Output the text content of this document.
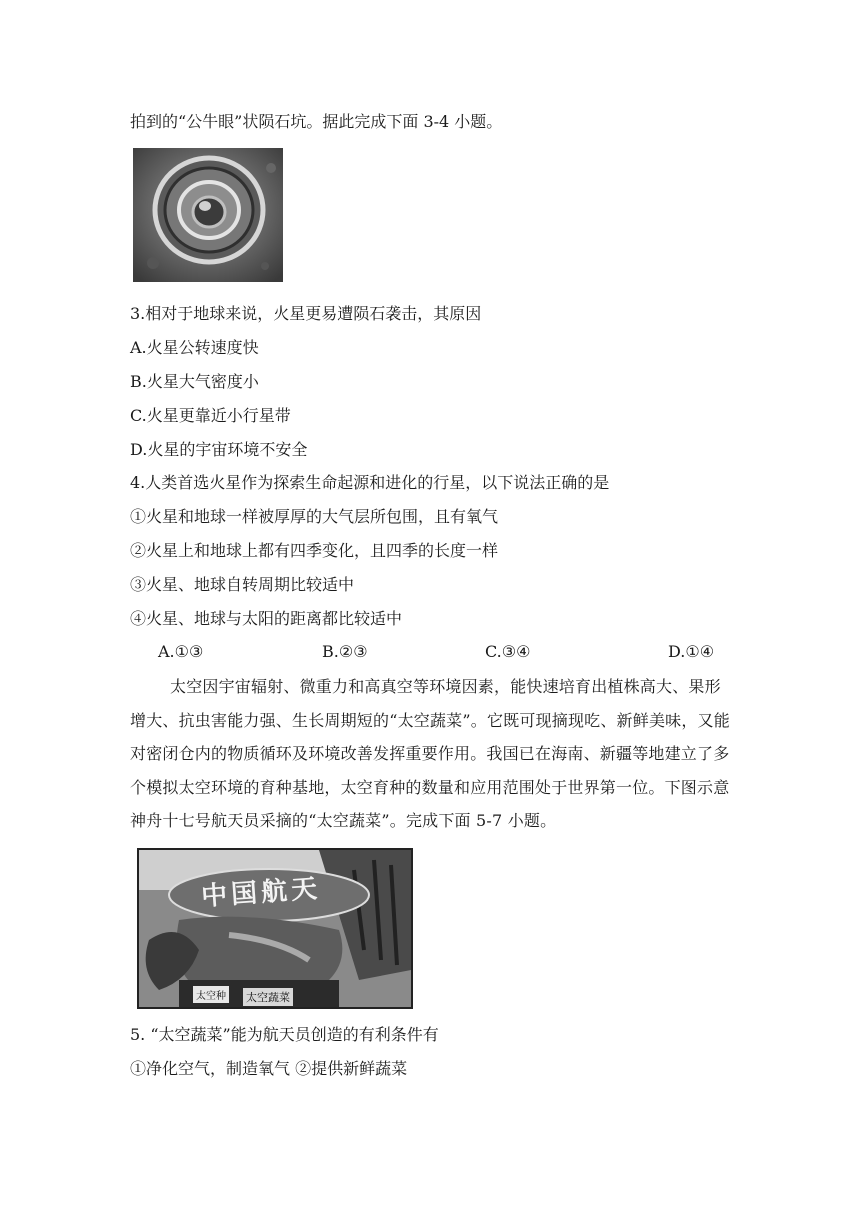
拍到的“公牛眼”状陨石坑。据此完成下面 3-4 小题。
3.相对于地球来说，火星更易遭陨石袭击，其原因
A.火星公转速度快
B.火星大气密度小
C.火星更靠近小行星带
D.火星的宇宙环境不安全
4.人类首选火星作为探索生命起源和进化的行星，以下说法正确的是
①火星和地球一样被厚厚的大气层所包围，且有氧气
②火星上和地球上都有四季变化，且四季的长度一样
③火星、地球自转周期比较适中
④火星、地球与太阳的距离都比较适中
A.①③	B.②③	C.③④	D.①④
太空因宇宙辐射、微重力和高真空等环境因素，能快速培育出植株高大、果形增大、抗虫害能力强、生长周期短的“太空蔬菜”。它既可现摘现吃、新鲜美味，又能对密闭仓内的物质循环及环境改善发挥重要作用。我国已在海南、新疆等地建立了多个模拟太空环境的育种基地，太空育种的数量和应用范围处于世界第一位。下图示意神舟十七号航天员采摘的“太空蔬菜”。完成下面 5-7 小题。
中国航天
太空种 太空蔬菜
5. “太空蔬菜”能为航天员创造的有利条件有
①净化空气，制造氧气 ②提供新鲜蔬菜
